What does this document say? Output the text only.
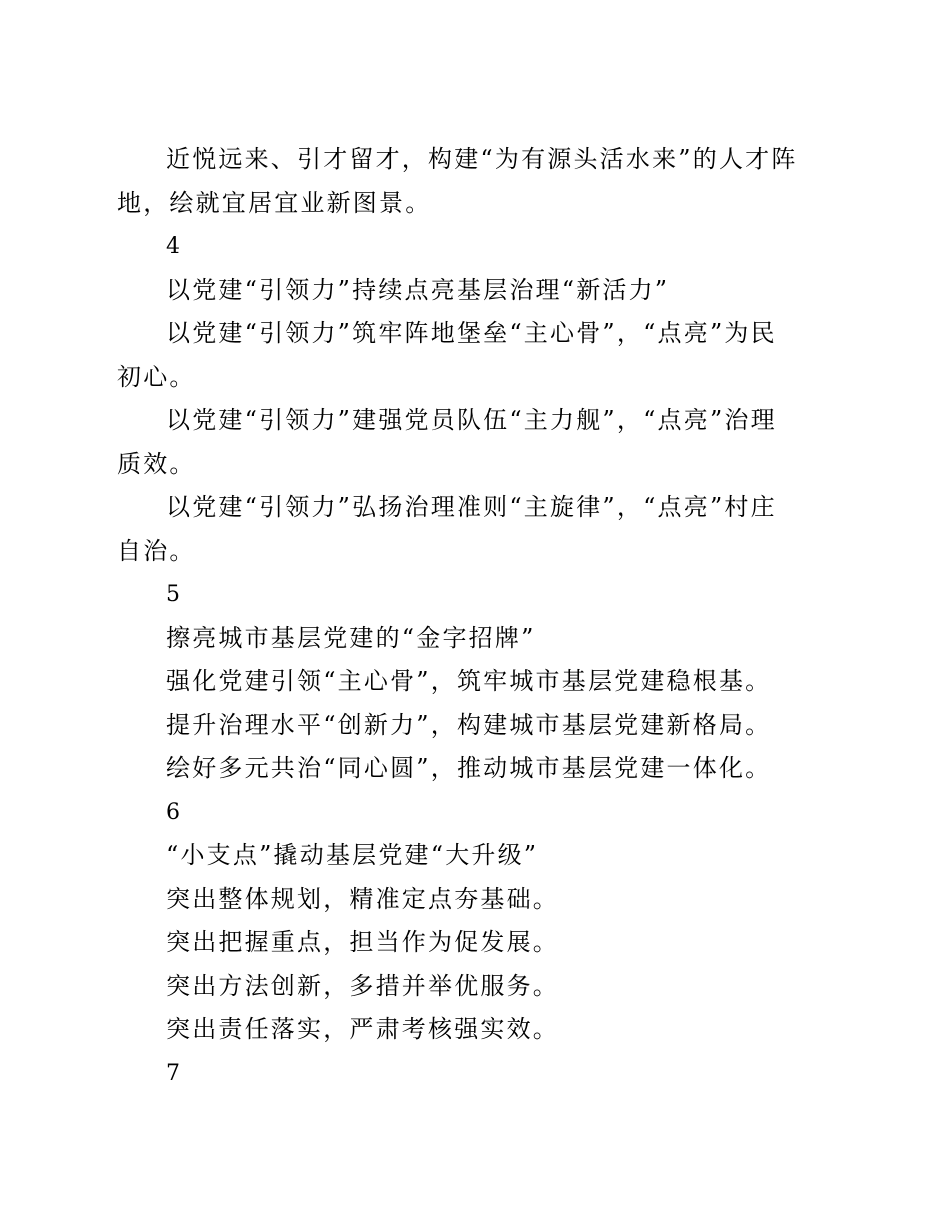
近悦远来、引才留才，构建“为有源头活水来”的人才阵
地，绘就宜居宜业新图景。
4
以党建“引领力”持续点亮基层治理“新活力”
以党建“引领力”筑牢阵地堡垒“主心骨”，“点亮”为民
初心。
以党建“引领力”建强党员队伍“主力舰”，“点亮”治理
质效。
以党建“引领力”弘扬治理准则“主旋律”，“点亮”村庄
自治。
5
擦亮城市基层党建的“金字招牌”
强化党建引领“主心骨”，筑牢城市基层党建稳根基。
提升治理水平“创新力”，构建城市基层党建新格局。
绘好多元共治“同心圆”，推动城市基层党建一体化。
6
“小支点”撬动基层党建“大升级”
突出整体规划，精准定点夯基础。
突出把握重点，担当作为促发展。
突出方法创新，多措并举优服务。
突出责任落实，严肃考核强实效。
7
